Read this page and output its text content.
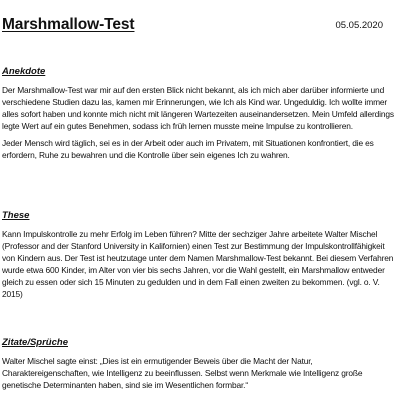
Marshmallow-Test	05.05.2020
Anekdote

Der Marshmallow-Test war mir auf den ersten Blick nicht bekannt, als ich mich aber darüber informierte und verschiedene Studien dazu las, kamen mir Erinnerungen, wie Ich als Kind war. Ungeduldig. Ich wollte immer alles sofort haben und konnte mich nicht mit längeren Wartezeiten auseinandersetzen. Mein Umfeld allerdings legte Wert auf ein gutes Benehmen, sodass ich früh lernen musste meine Impulse zu kontrollieren.

Jeder Mensch wird täglich, sei es in der Arbeit oder auch im Privatem, mit Situationen konfrontiert, die es erfordern, Ruhe zu bewahren und die Kontrolle über sein eigenes Ich zu wahren.

These

Kann Impulskontrolle zu mehr Erfolg im Leben führen? Mitte der sechziger Jahre arbeitete Walter Mischel (Professor and der Stanford University in Kalifornien) einen Test zur Bestimmung der Impulskontrollfähigkeit von Kindern aus. Der Test ist heutzutage unter dem Namen Marshmallow-Test bekannt. Bei diesem Verfahren wurde etwa 600 Kinder, im Alter von vier bis sechs Jahren, vor die Wahl gestellt, ein Marshmallow entweder gleich zu essen oder sich 15 Minuten zu gedulden und in dem Fall einen zweiten zu bekommen. (vgl. o. V. 2015)

Zitate/Sprüche

Walter Mischel sagte einst: „Dies ist ein ermutigender Beweis über die Macht der Natur, Charaktereigenschaften, wie Intelligenz zu beeinflussen. Selbst wenn Merkmale wie Intelligenz große genetische Determinanten haben, sind sie im Wesentlichen formbar.“
